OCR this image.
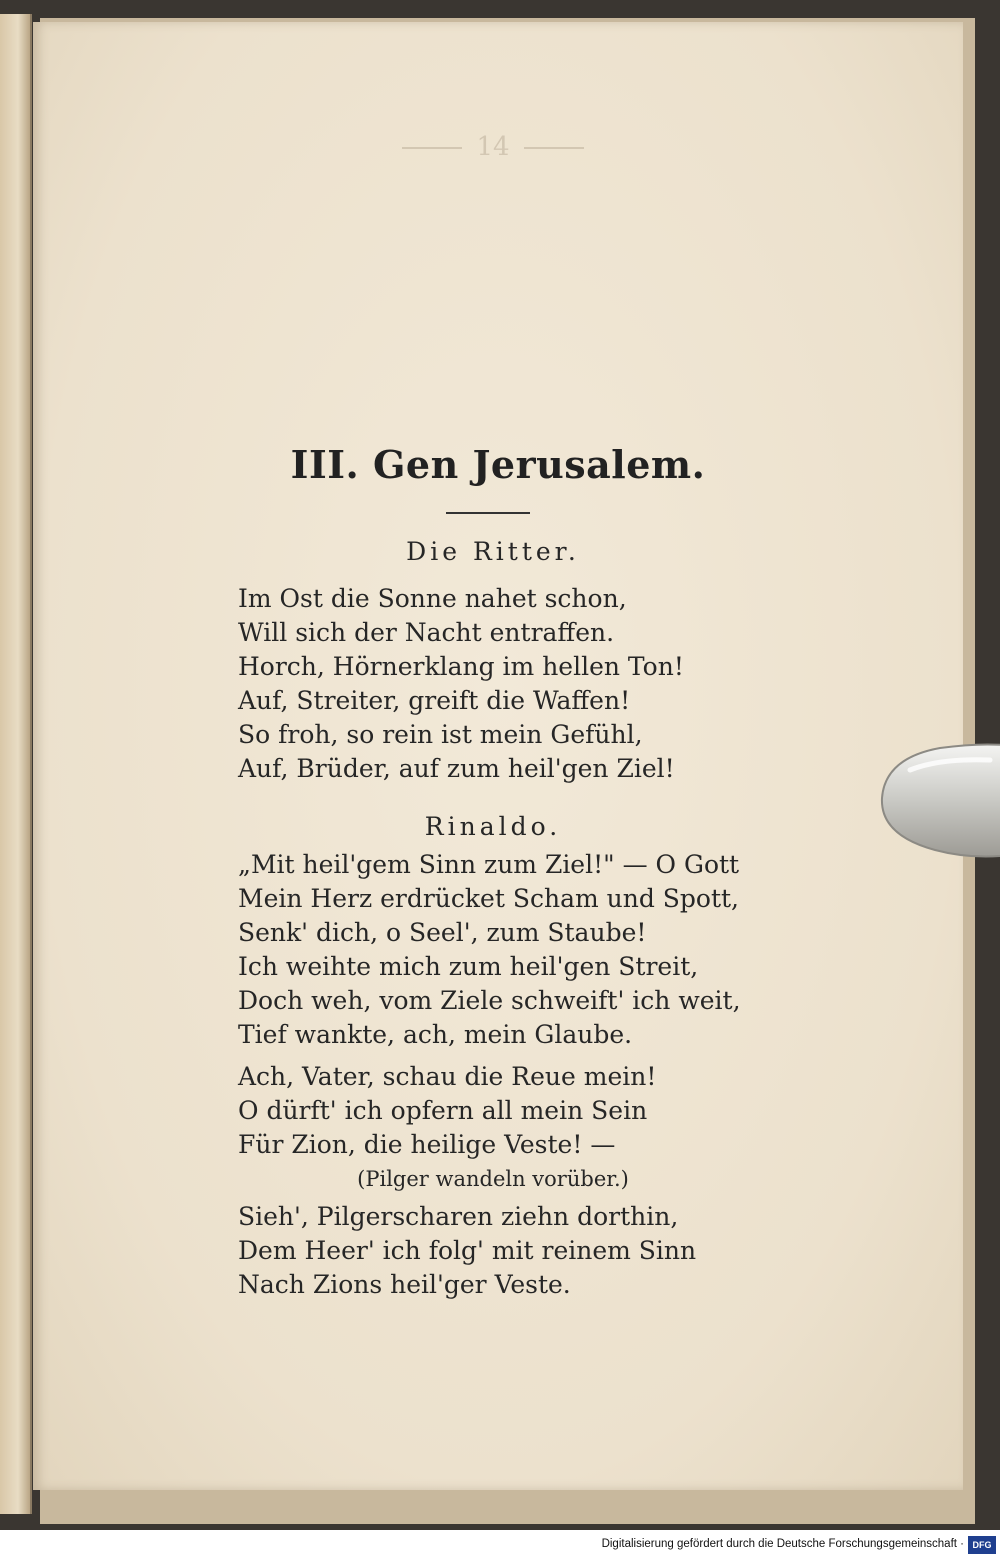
14
III. Gen Jerusalem.
Die Ritter.
Im Ost die Sonne nahet schon,
Will sich der Nacht entraffen.
Horch, Hörnerklang im hellen Ton!
Auf, Streiter, greift die Waffen!
So froh, so rein ist mein Gefühl,
Auf, Brüder, auf zum heil'gen Ziel!
Rinaldo.
„Mit heil'gem Sinn zum Ziel!" — O Gott
Mein Herz erdrücket Scham und Spott,
Senk' dich, o Seel', zum Staube!
Ich weihte mich zum heil'gen Streit,
Doch weh, vom Ziele schweift' ich weit,
Tief wankte, ach, mein Glaube.
Ach, Vater, schau die Reue mein!
O dürft' ich opfern all mein Sein
Für Zion, die heilige Veste! —
(Pilger wandeln vorüber.)
Sieh', Pilgerscharen ziehn dorthin,
Dem Heer' ich folg' mit reinem Sinn
Nach Zions heil'ger Veste.
Digitalisierung gefördert durch die Deutsche Forschungsgemeinschaft · DFG
